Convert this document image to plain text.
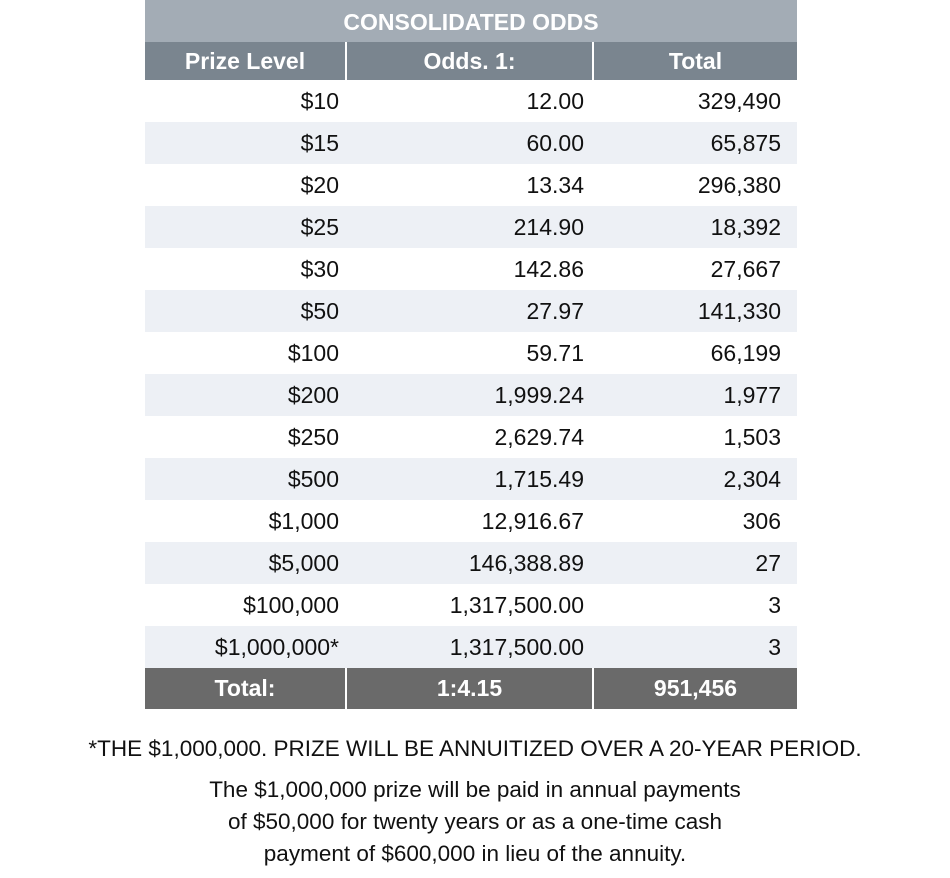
CONSOLIDATED ODDS
Prize Level	Odds. 1:	Total
$10	12.00	329,490
$15	60.00	65,875
$20	13.34	296,380
$25	214.90	18,392
$30	142.86	27,667
$50	27.97	141,330
$100	59.71	66,199
$200	1,999.24	1,977
$250	2,629.74	1,503
$500	1,715.49	2,304
$1,000	12,916.67	306
$5,000	146,388.89	27
$100,000	1,317,500.00	3
$1,000,000*	1,317,500.00	3
Total:	1:4.15	951,456
*THE $1,000,000. PRIZE WILL BE ANNUITIZED OVER A 20-YEAR PERIOD.
The $1,000,000 prize will be paid in annual payments
of $50,000 for twenty years or as a one-time cash
payment of $600,000 in lieu of the annuity.
